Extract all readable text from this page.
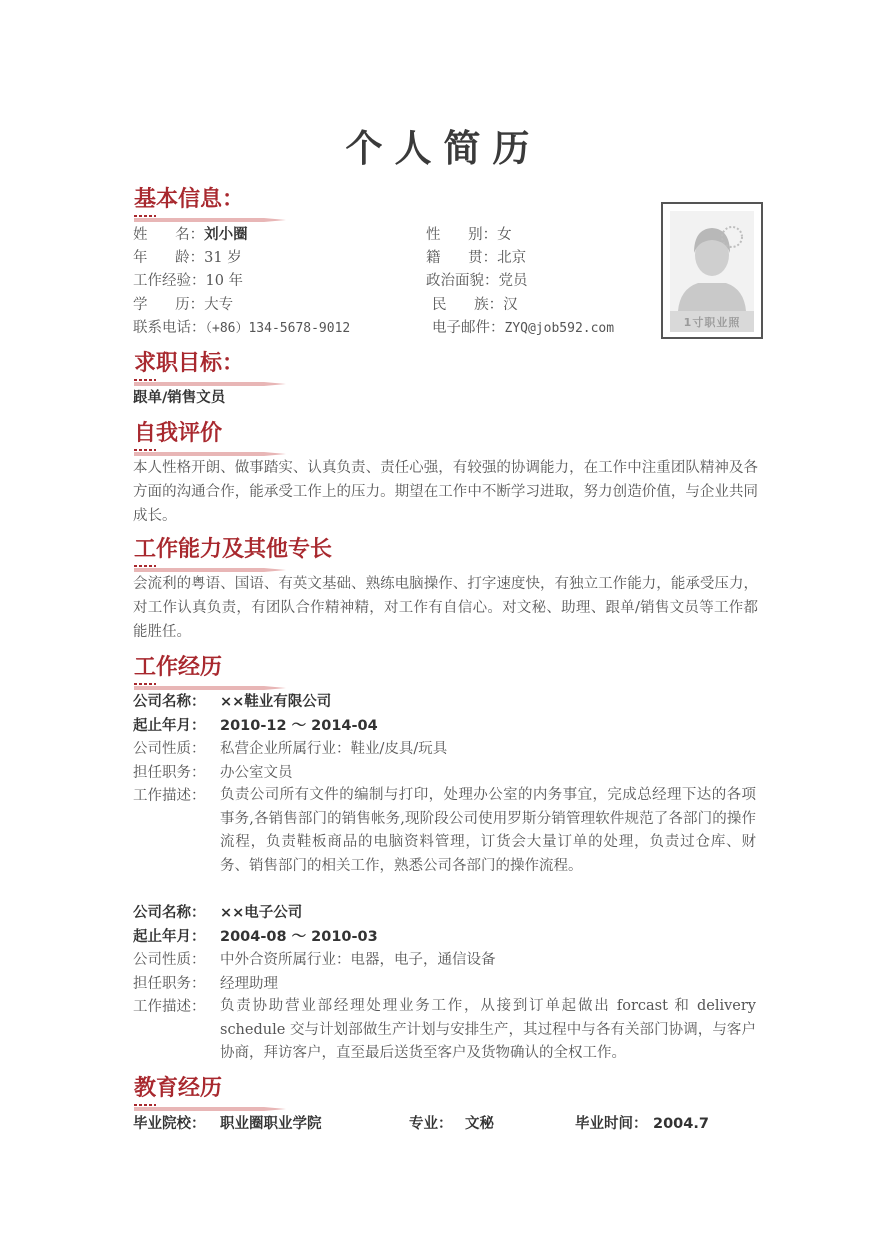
个人简历
基本信息：
姓      名：刘小圈	性      别：女
年      龄：31 岁	籍      贯：北京
工作经验：10 年	政治面貌：党员
学      历：大专	民      族：汉
联系电话：（+86）134-5678-9012	电子邮件：ZYQ@job592.com	1寸职业照
求职目标：
跟单/销售文员
自我评价
本人性格开朗、做事踏实、认真负责、责任心强，有较强的协调能力，在工作中注重团队精神及各方面的沟通合作，能承受工作上的压力。期望在工作中不断学习进取，努力创造价值，与企业共同成长。
工作能力及其他专长
会流利的粤语、国语、有英文基础、熟练电脑操作、打字速度快，有独立工作能力，能承受压力，对工作认真负责，有团队合作精神精，对工作有自信心。对文秘、助理、跟单/销售文员等工作都能胜任。
工作经历
公司名称： ××鞋业有限公司
起止年月： 2010-12 ～ 2014-04
公司性质： 私营企业所属行业：鞋业/皮具/玩具
担任职务： 办公室文员
工作描述： 负责公司所有文件的编制与打印，处理办公室的内务事宜，完成总经理下达的各项事务,各销售部门的销售帐务,现阶段公司使用罗斯分销管理软件规范了各部门的操作流程，负责鞋板商品的电脑资料管理，订货会大量订单的处理，负责过仓库、财务、销售部门的相关工作，熟悉公司各部门的操作流程。
公司名称： ××电子公司
起止年月： 2004-08 ～ 2010-03
公司性质： 中外合资所属行业：电器，电子，通信设备
担任职务： 经理助理
工作描述： 负责协助营业部经理处理业务工作，从接到订单起做出 forcast 和 delivery schedule 交与计划部做生产计划与安排生产，其过程中与各有关部门协调，与客户协商，拜访客户，直至最后送货至客户及货物确认的全权工作。
教育经历
毕业院校： 职业圈职业学院	专业： 文秘	毕业时间： 2004.7
